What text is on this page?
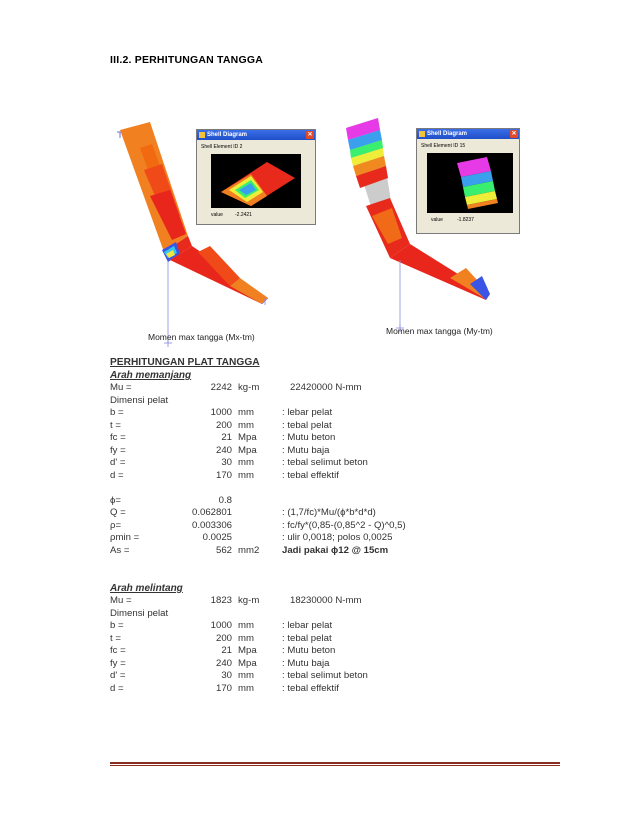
III.2. PERHITUNGAN TANGGA
Shell Diagram	✕
Shell Element ID 2
value -2.2421
Shell Diagram	✕
Shell Element ID 15
value	-1.8237
Momen max tangga (Mx-tm)
Momen max tangga (My-tm)
PERHITUNGAN PLAT TANGGA
Arah memanjang
Mu =	2242 kg-m	22420000 N-mm
Dimensi pelat
b =	1000 mm	: lebar pelat
t =	200 mm	: tebal pelat
fc =	21 Mpa	: Mutu beton
fy =	240 Mpa	: Mutu baja
d' =	30 mm	: tebal selimut beton
d =	170 mm	: tebal effektif
ϕ=	0.8
Q =	0.062801	: (1,7/fc)*Mu/(ϕ*b*d*d)
ρ=	0.003306	: fc/fy*(0,85-(0,85^2 - Q)^0,5)
ρmin =	0.0025	: ulir 0,0018; polos 0,0025
As =	562 mm2 Jadi pakai ϕ12 @ 15cm
Arah melintang
Mu =	1823 kg-m	18230000 N-mm
Dimensi pelat
b =	1000 mm	: lebar pelat
t =	200 mm	: tebal pelat
fc =	21 Mpa	: Mutu beton
fy =	240 Mpa	: Mutu baja
d' =	30 mm	: tebal selimut beton
d =	170 mm	: tebal effektif
